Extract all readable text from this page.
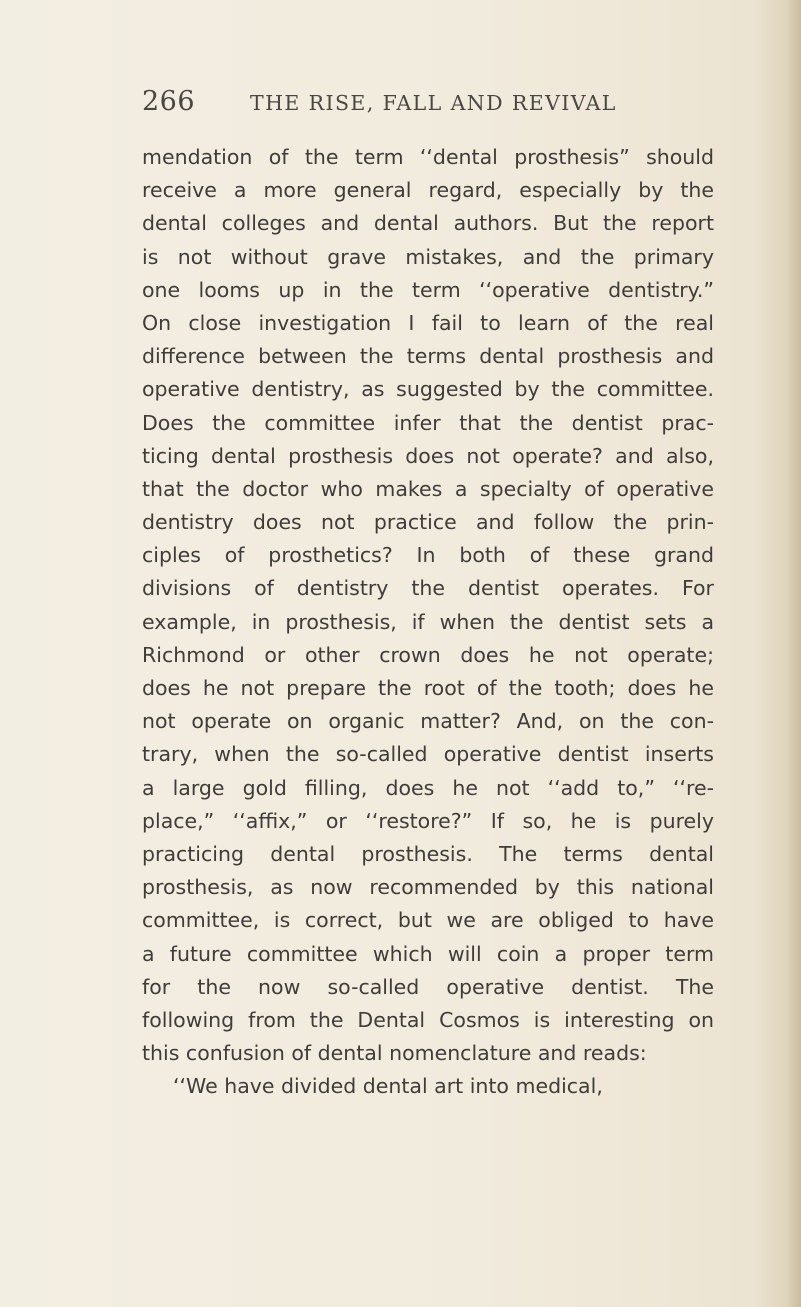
266	THE RISE, FALL AND REVIVAL
mendation of the term ‘‘dental prosthesis” should
receive a more general regard, especially by the
dental colleges and dental authors. But the report
is not without grave mistakes, and the primary
one looms up in the term ‘‘operative dentistry.”
On close investigation I fail to learn of the real
difference between the terms dental prosthesis and
operative dentistry, as suggested by the committee.
Does the committee infer that the dentist prac-
ticing dental prosthesis does not operate? and also,
that the doctor who makes a specialty of operative
dentistry does not practice and follow the prin-
ciples of prosthetics? In both of these grand
divisions of dentistry the dentist operates. For
example, in prosthesis, if when the dentist sets a
Richmond or other crown does he not operate;
does he not prepare the root of the tooth; does he
not operate on organic matter? And, on the con-
trary, when the so-called operative dentist inserts
a large gold filling, does he not ‘‘add to,” ‘‘re-
place,” ‘‘affix,” or ‘‘restore?” If so, he is purely
practicing dental prosthesis. The terms dental
prosthesis, as now recommended by this national
committee, is correct, but we are obliged to have
a future committee which will coin a proper term
for the now so-called operative dentist. The
following from the Dental Cosmos is interesting on
this confusion of dental nomenclature and reads:
‘‘We have divided dental art into medical,
